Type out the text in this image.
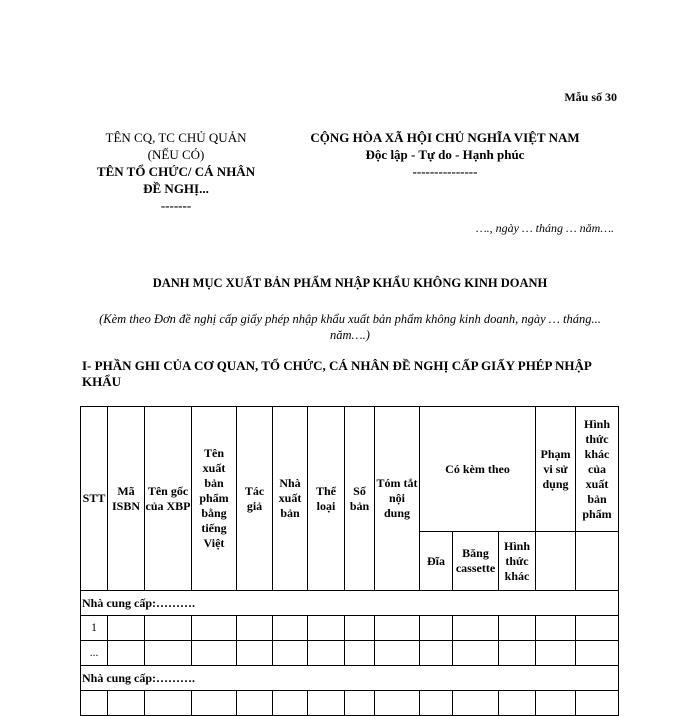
Mẫu số 30
TÊN CQ, TC CHỦ QUẢN
(NẾU CÓ)
TÊN TỔ CHỨC/ CÁ NHÂN
ĐỀ NGHỊ...
-------
CỘNG HÒA XÃ HỘI CHỦ NGHĨA VIỆT NAM
Độc lập - Tự do - Hạnh phúc
---------------
…., ngày … tháng … năm….
DANH MỤC XUẤT BẢN PHẨM NHẬP KHẨU KHÔNG KINH DOANH
(Kèm theo Đơn đề nghị cấp giấy phép nhập khẩu xuất bản phẩm không kinh doanh, ngày … tháng... năm….)
I- PHẦN GHI CỦA CƠ QUAN, TỔ CHỨC, CÁ NHÂN ĐỀ NGHỊ CẤP GIẤY PHÉP NHẬP KHẨU
STT	Mã ISBN	Tên gốc của XBP	Tên xuất bản phẩm bằng tiếng Việt	Tác giả	Nhà xuất bản	Thể loại	Số bản	Tóm tắt nội dung	Có kèm theo			Phạm vi sử dụng	Hình thức khác của xuất bản phẩm
									Đĩa	Băng cassette	Hình thức khác		
Nhà cung cấp:……….													
1													
...													
Nhà cung cấp:……….													
